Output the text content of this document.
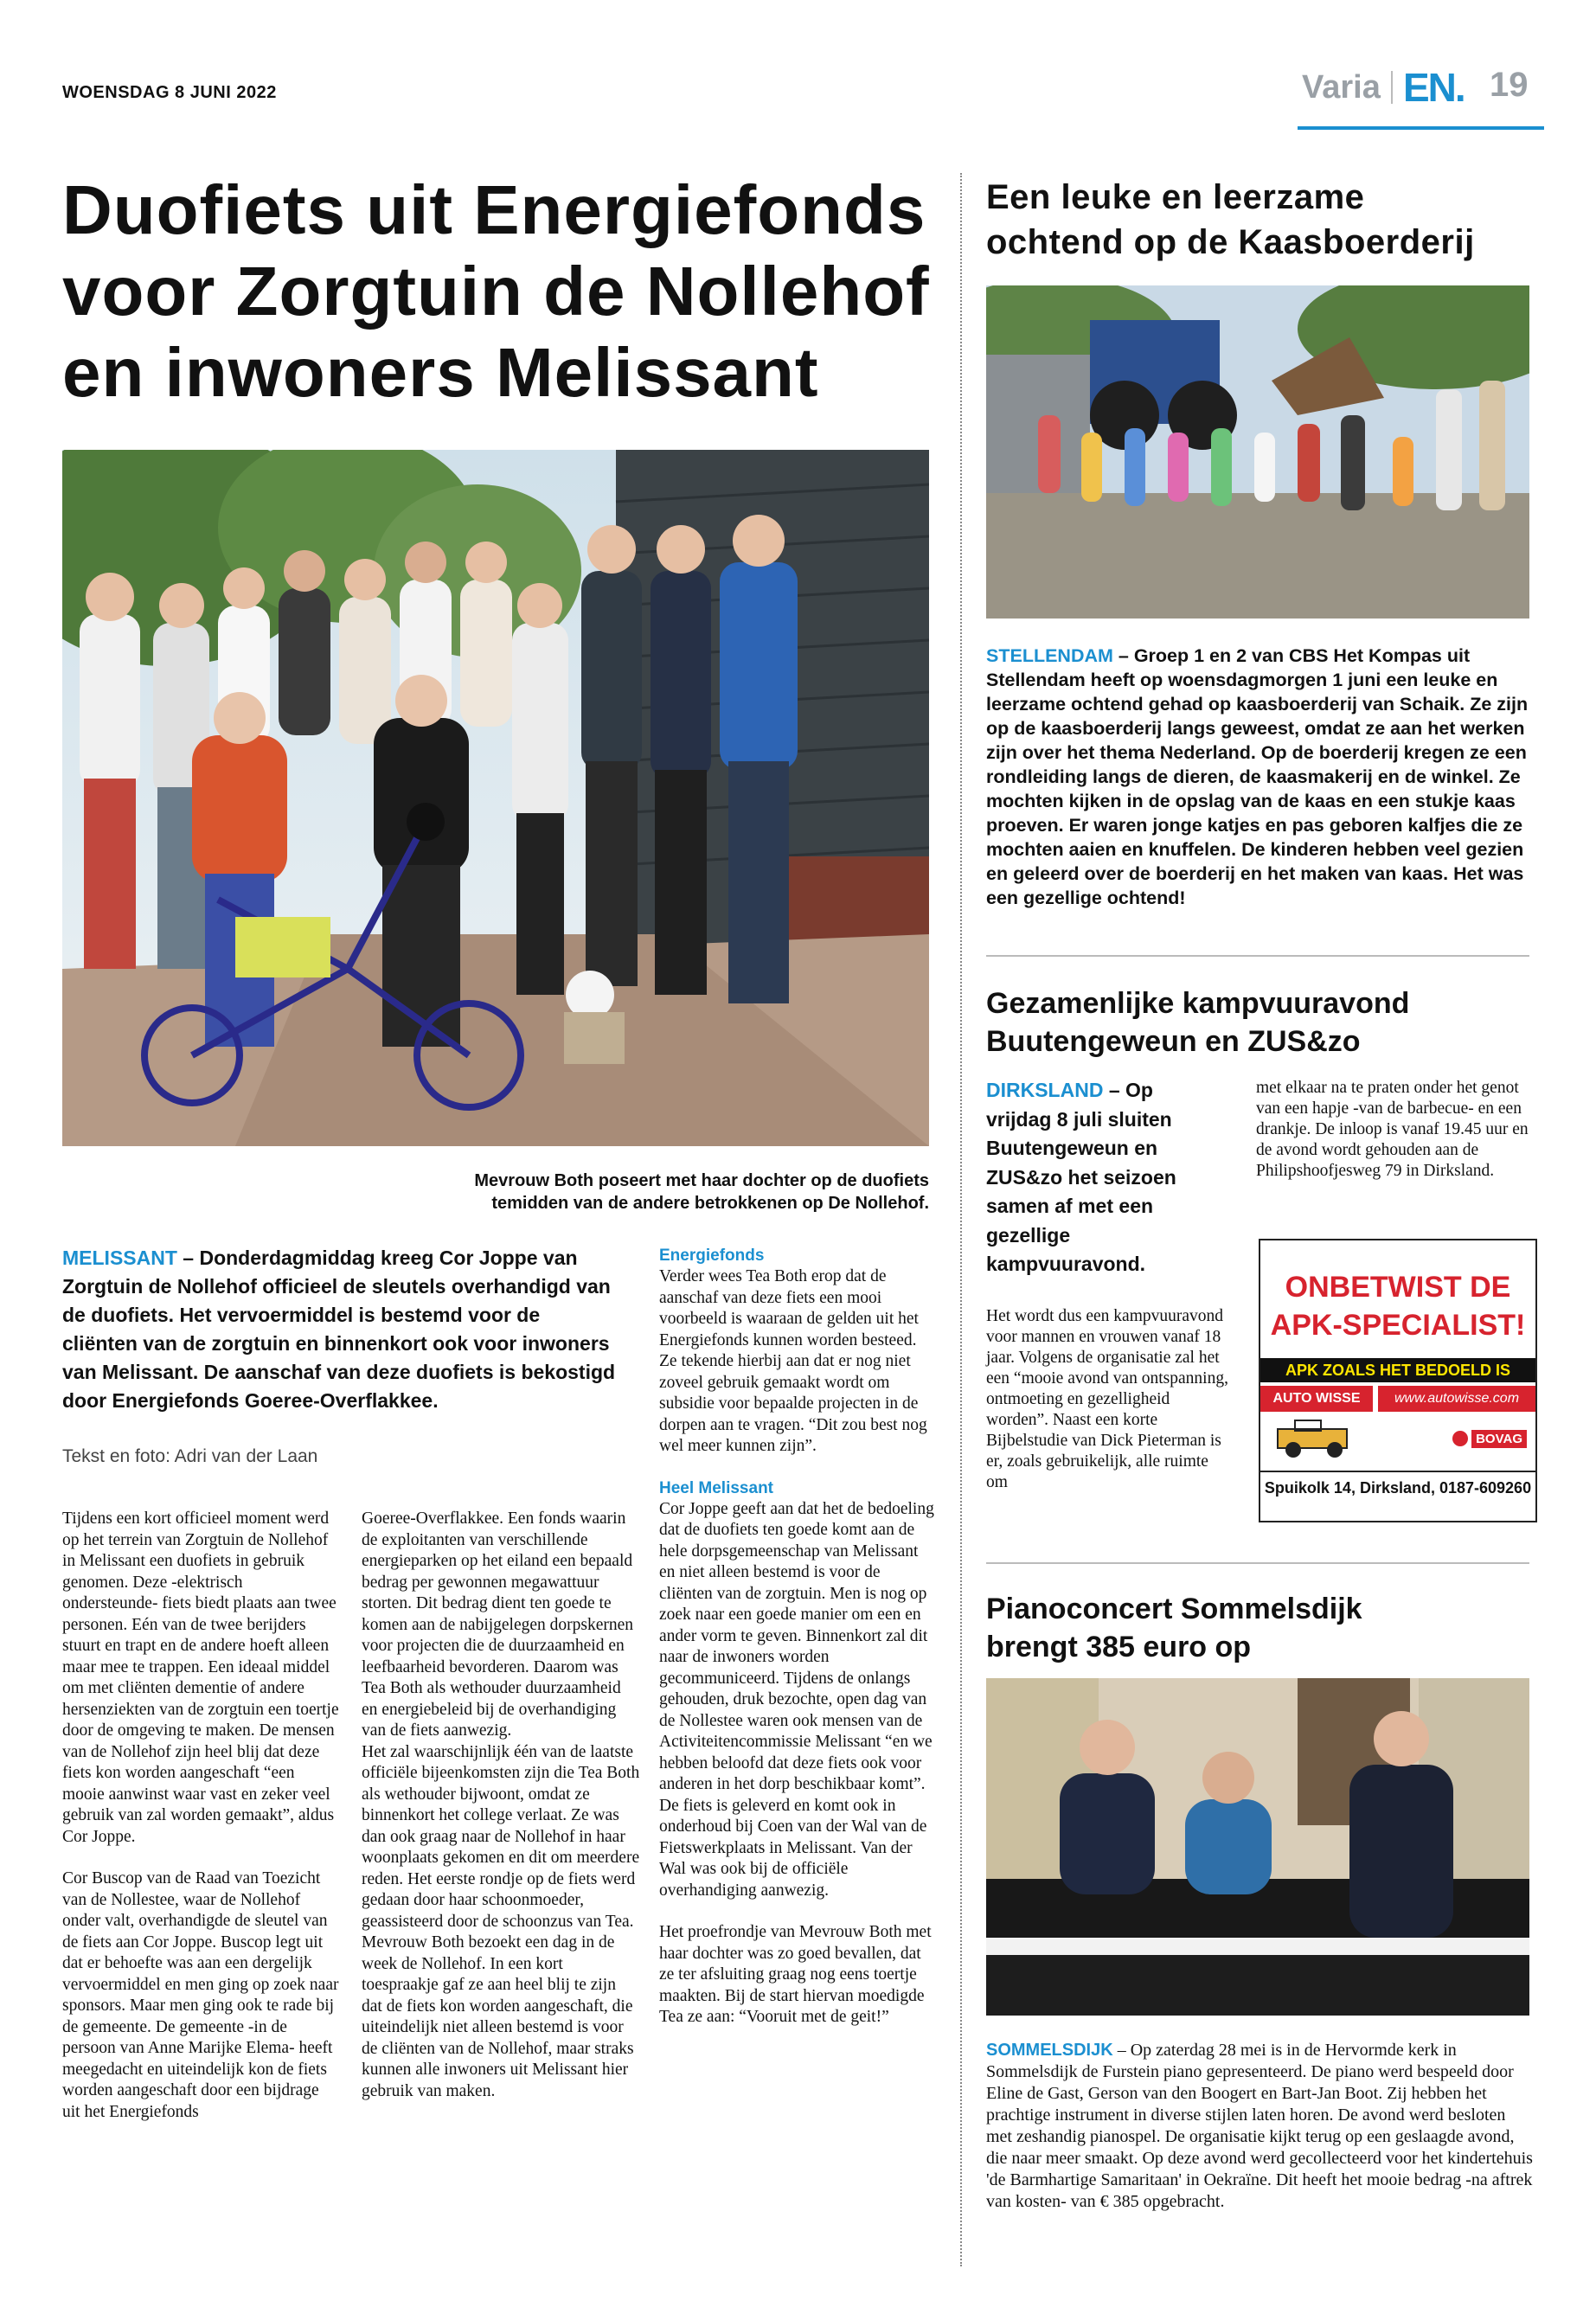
WOENSDAG 8 JUNI 2022	Varia EN. 19
Duofiets uit Energiefonds
voor Zorgtuin de Nollehof
en inwoners Melissant
Mevrouw Both poseert met haar dochter op de duofiets
temidden van de andere betrokkenen op De Nollehof.
MELISSANT – Donderdagmiddag kreeg Cor Joppe van Zorgtuin de Nollehof officieel de sleutels overhandigd van de duofiets. Het vervoermiddel is bestemd voor de cliënten van de zorgtuin en binnenkort ook voor inwoners van Melissant. De aanschaf van deze duofiets is bekostigd door Energiefonds Goeree-Overflakkee.
Tekst en foto: Adri van der Laan

Tijdens een kort officieel moment werd op het terrein van Zorgtuin de Nollehof in Melissant een duofiets in gebruik genomen. Deze -elektrisch ondersteunde- fiets biedt plaats aan twee personen. Eén van de twee berijders stuurt en trapt en de andere hoeft alleen maar mee te trappen. Een ideaal middel om met cliënten dementie of andere hersenziekten van de zorgtuin een toertje door de omgeving te maken. De mensen van de Nollehof zijn heel blij dat deze fiets kon worden aangeschaft “een mooie aanwinst waar vast en zeker veel gebruik van zal worden gemaakt”, aldus Cor Joppe.

Cor Buscop van de Raad van Toezicht van de Nollestee, waar de Nollehof onder valt, overhandigde de sleutel van de fiets aan Cor Joppe. Buscop legt uit dat er behoefte was aan een dergelijk vervoermiddel en men ging op zoek naar sponsors. Maar men ging ook te rade bij de gemeente. De gemeente -in de persoon van Anne Marijke Elema- heeft meegedacht en uiteindelijk kon de fiets worden aangeschaft door een bijdrage uit het Energiefonds

Goeree-Overflakkee. Een fonds waarin de exploitanten van verschillende energieparken op het eiland een bepaald bedrag per gewonnen megawattuur storten. Dit bedrag dient ten goede te komen aan de nabijgelegen dorpskernen voor projecten die de duurzaamheid en leefbaarheid bevorderen. Daarom was Tea Both als wethouder duurzaamheid en energiebeleid bij de overhandiging van de fiets aanwezig.

Het zal waarschijnlijk één van de laatste officiële bijeenkomsten zijn die Tea Both als wethouder bijwoont, omdat ze binnenkort het college verlaat. Ze was dan ook graag naar de Nollehof in haar woonplaats gekomen en dit om meerdere reden. Het eerste rondje op de fiets werd gedaan door haar schoonmoeder, geassisteerd door de schoonzus van Tea. Mevrouw Both bezoekt een dag in de week de Nollehof. In een kort toespraakje gaf ze aan heel blij te zijn dat de fiets kon worden aangeschaft, die uiteindelijk niet alleen bestemd is voor de cliënten van de Nollehof, maar straks kunnen alle inwoners uit Melissant hier gebruik van maken.

Energiefonds

Verder wees Tea Both erop dat de aanschaf van deze fiets een mooi voorbeeld is waaraan de gelden uit het Energiefonds kunnen worden besteed. Ze tekende hierbij aan dat er nog niet zoveel gebruik gemaakt wordt om subsidie voor bepaalde projecten in de dorpen aan te vragen. “Dit zou best nog wel meer kunnen zijn”.

Heel Melissant

Cor Joppe geeft aan dat het de bedoeling dat de duofiets ten goede komt aan de hele dorpsgemeenschap van Melissant en niet alleen bestemd is voor de cliënten van de zorgtuin. Men is nog op zoek naar een goede manier om een en ander vorm te geven. Binnenkort zal dit naar de inwoners worden gecommuniceerd. Tijdens de onlangs gehouden, druk bezochte, open dag van de Nollestee waren ook mensen van de Activiteitencommissie Melissant “en we hebben beloofd dat deze fiets ook voor anderen in het dorp beschikbaar komt”. De fiets is geleverd en komt ook in onderhoud bij Coen van der Wal van de Fietswerkplaats in Melissant. Van der Wal was ook bij de officiële overhandiging aanwezig.

Het proefrondje van Mevrouw Both met haar dochter was zo goed bevallen, dat ze ter afsluiting graag nog eens toertje maakten. Bij de start hiervan moedigde Tea ze aan: “Vooruit met de geit!”

Een leuke en leerzame
ochtend op de Kaasboerderij
STELLENDAM – Groep 1 en 2 van CBS Het Kompas uit Stellendam heeft op woensdagmorgen 1 juni een leuke en leerzame ochtend gehad op kaasboerderij van Schaik. Ze zijn op de kaasboerderij langs geweest, omdat ze aan het werken zijn over het thema Nederland. Op de boerderij kregen ze een rondleiding langs de dieren, de kaasmakerij en de winkel. Ze mochten kijken in de opslag van de kaas en een stukje kaas proeven. Er waren jonge katjes en pas geboren kalfjes die ze mochten aaien en knuffelen. De kinderen hebben veel gezien en geleerd over de boerderij en het maken van kaas. Het was een gezellige ochtend!
Gezamenlijke kampvuuravond
Buutengeweun en ZUS&zo
DIRKSLAND – Op vrijdag 8 juli sluiten Buutengeweun en ZUS&zo het seizoen samen af met een gezellige kampvuuravond.
Het wordt dus een kampvuuravond voor mannen en vrouwen vanaf 18 jaar. Volgens de organisatie zal het een “mooie avond van ontspanning, ontmoeting en gezelligheid worden”. Naast een korte Bijbelstudie van Dick Pieterman is er, zoals gebruikelijk, alle ruimte om
met elkaar na te praten onder het genot van een hapje -van de barbecue- en een drankje. De inloop is vanaf 19.45 uur en de avond wordt gehouden aan de Philipshoofjesweg 79 in Dirksland.
ONBETWIST DE
APK-SPECIALIST!
APK ZOALS HET BEDOELD IS
AUTO WISSE	www.autowisse.com
BOVAG
Spuikolk 14, Dirksland, 0187-609260
Pianoconcert Sommelsdijk
brengt 385 euro op
SOMMELSDIJK – Op zaterdag 28 mei is in de Hervormde kerk in Sommelsdijk de Furstein piano gepresenteerd. De piano werd bespeeld door Eline de Gast, Gerson van den Boogert en Bart-Jan Boot. Zij hebben het prachtige instrument in diverse stijlen laten horen. De avond werd besloten met zeshandig pianospel. De organisatie kijkt terug op een geslaagde avond, die naar meer smaakt. Op deze avond werd gecollecteerd voor het kindertehuis 'de Barmhartige Samaritaan' in Oekraïne. Dit heeft het mooie bedrag -na aftrek van kosten- van € 385 opgebracht.
